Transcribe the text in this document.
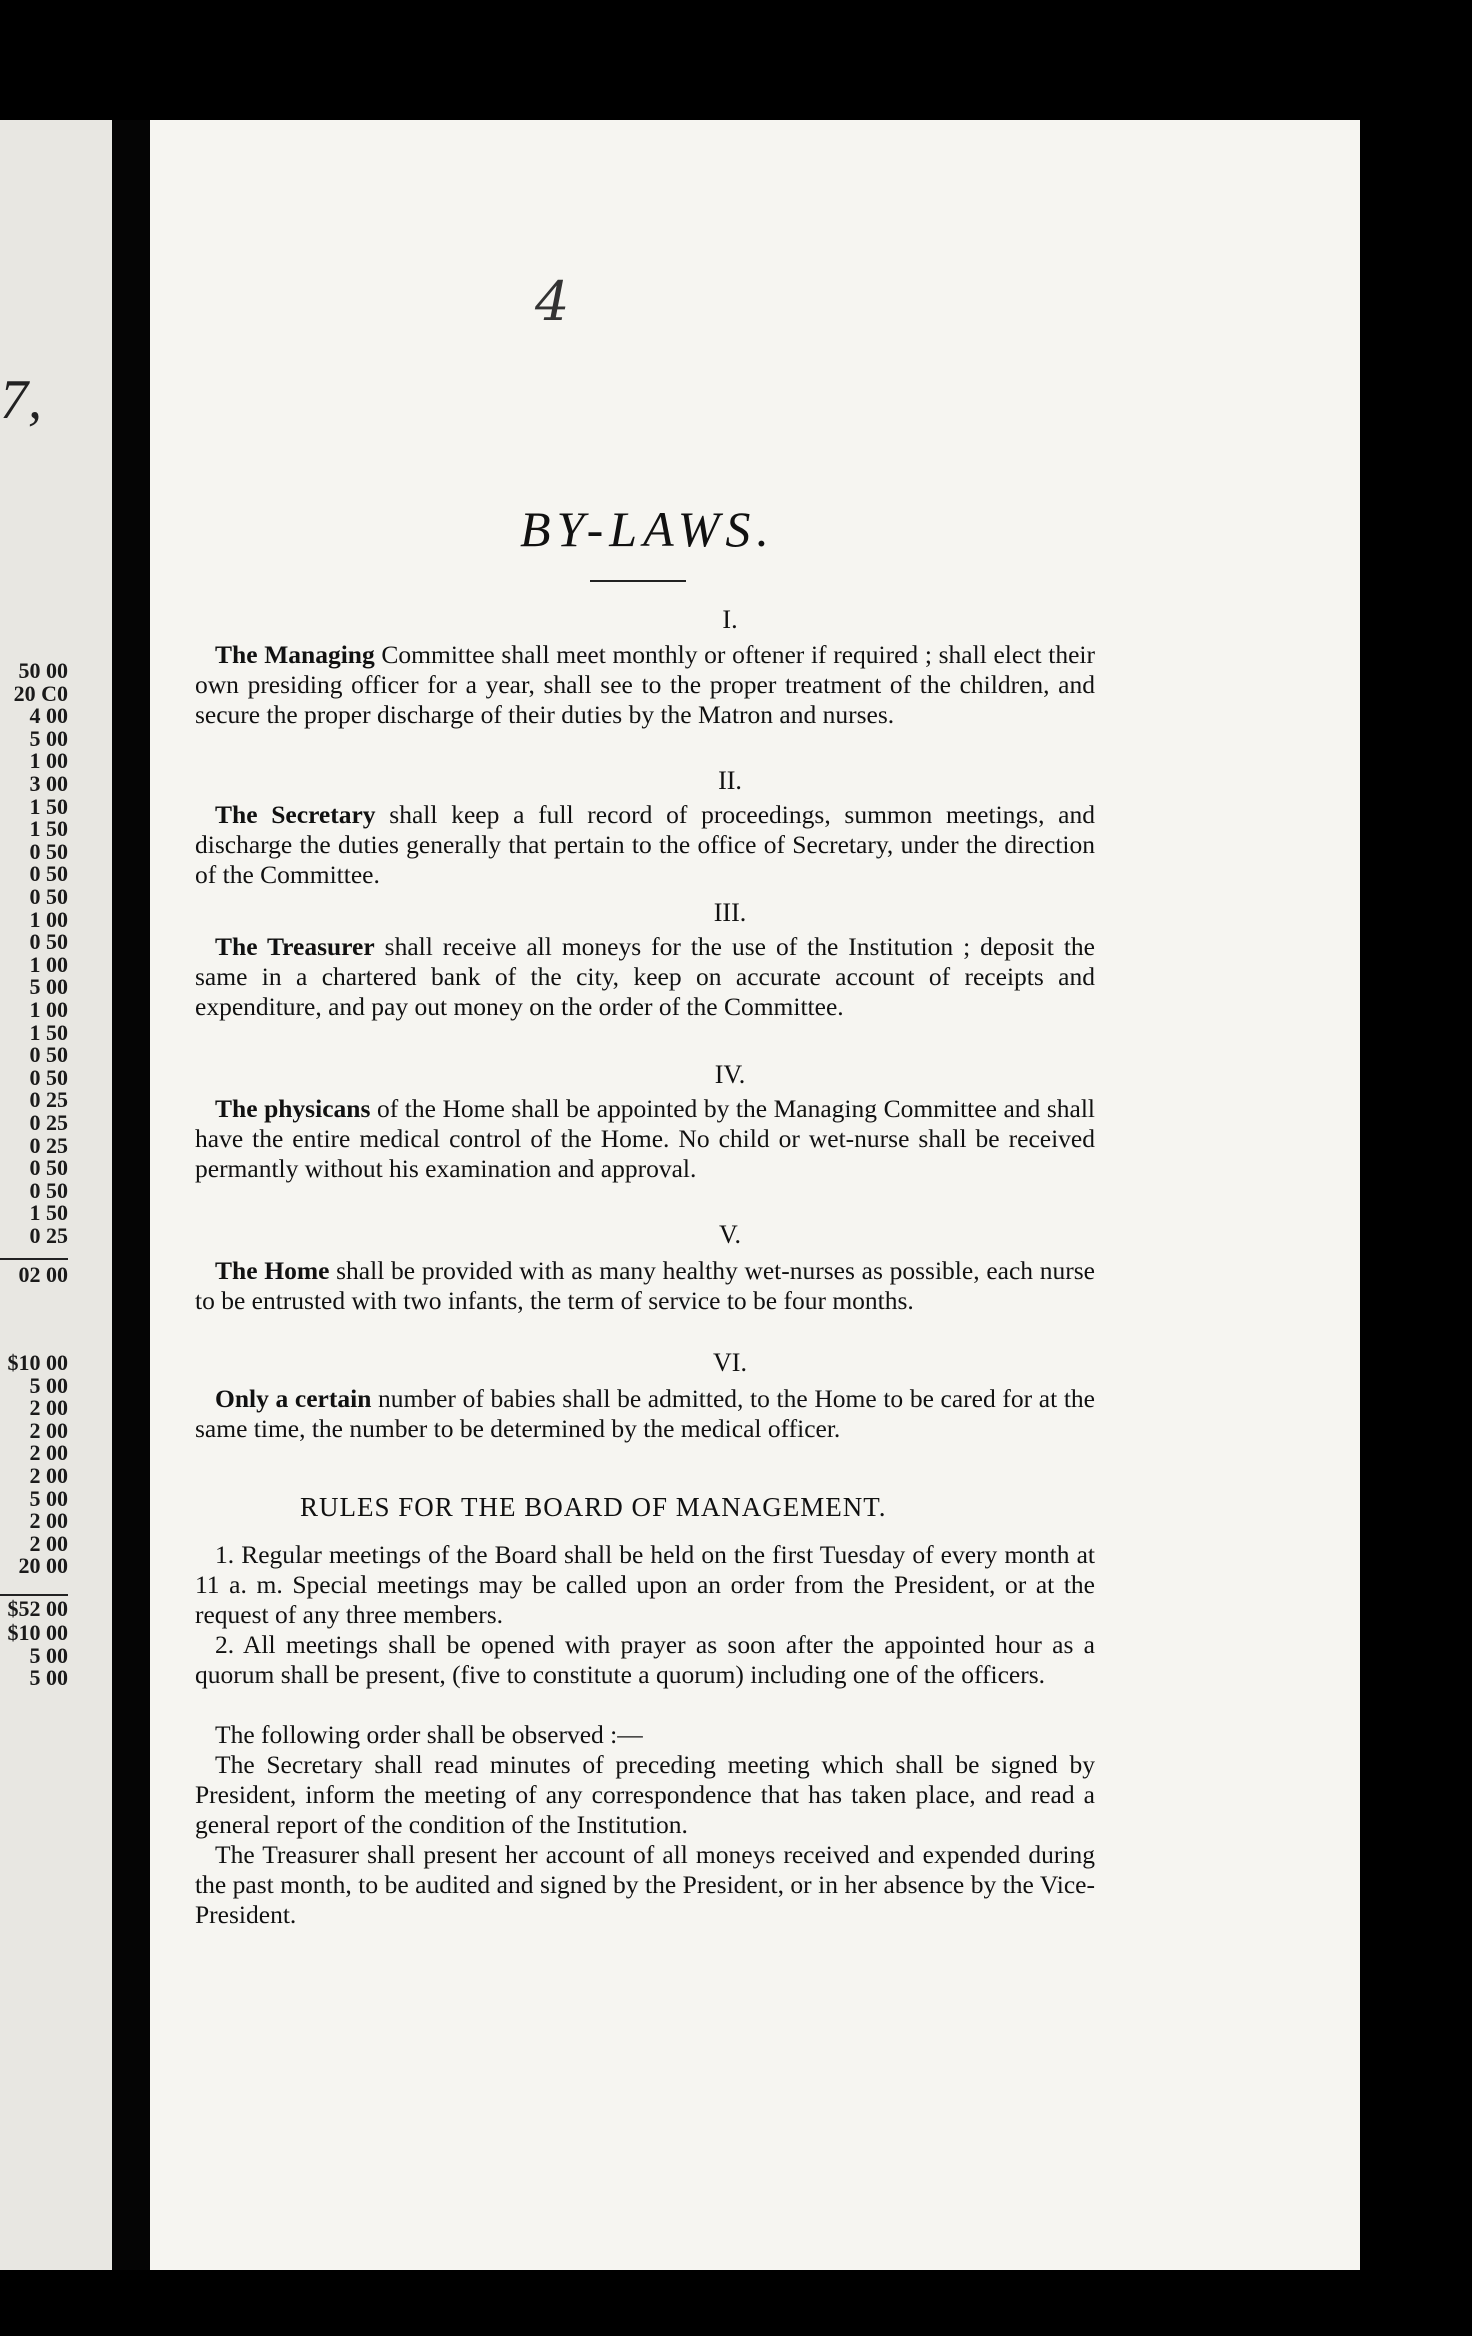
7,
50 00
20 C0
4 00
5 00
1 00
3 00
1 50
1 50
0 50
0 50
0 50
1 00
0 50
1 00
5 00
1 00
1 50
0 50
0 50
0 25
0 25
0 25
0 50
0 50
1 50
0 25
02 00
$10 00
5 00
2 00
2 00
2 00
2 00
5 00
2 00
2 00
20 00
$52 00
$10 00
5 00
5 00
4
BY-LAWS.
I.

The Managing Committee shall meet monthly or oftener if required ; shall elect their own presiding officer for a year, shall see to the proper treatment of the children, and secure the proper discharge of their duties by the Matron and nurses.

II.

The Secretary shall keep a full record of proceedings, summon meetings, and discharge the duties generally that pertain to the office of Secretary, under the direction of the Committee.

III.

The Treasurer shall receive all moneys for the use of the Institution ; deposit the same in a chartered bank of the city, keep on accurate account of receipts and expenditure, and pay out money on the order of the Committee.

IV.

The physicans of the Home shall be appointed by the Managing Committee and shall have the entire medical control of the Home. No child or wet-nurse shall be received permantly without his examination and approval.

V.

The Home shall be provided with as many healthy wet-nurses as possible, each nurse to be entrusted with two infants, the term of service to be four months.

VI.

Only a certain number of babies shall be admitted, to the Home to be cared for at the same time, the number to be determined by the medical officer.

RULES FOR THE BOARD OF MANAGEMENT.

1. Regular meetings of the Board shall be held on the first Tuesday of every month at 11 a. m. Special meetings may be called upon an order from the President, or at the request of any three members.

2. All meetings shall be opened with prayer as soon after the appointed hour as a quorum shall be present, (five to constitute a quorum) including one of the officers.

The following order shall be observed :—

The Secretary shall read minutes of preceding meeting which shall be signed by President, inform the meeting of any correspondence that has taken place, and read a general report of the condition of the Institution.

The Treasurer shall present her account of all moneys received and expended during the past month, to be audited and signed by the President, or in her absence by the Vice-President.
